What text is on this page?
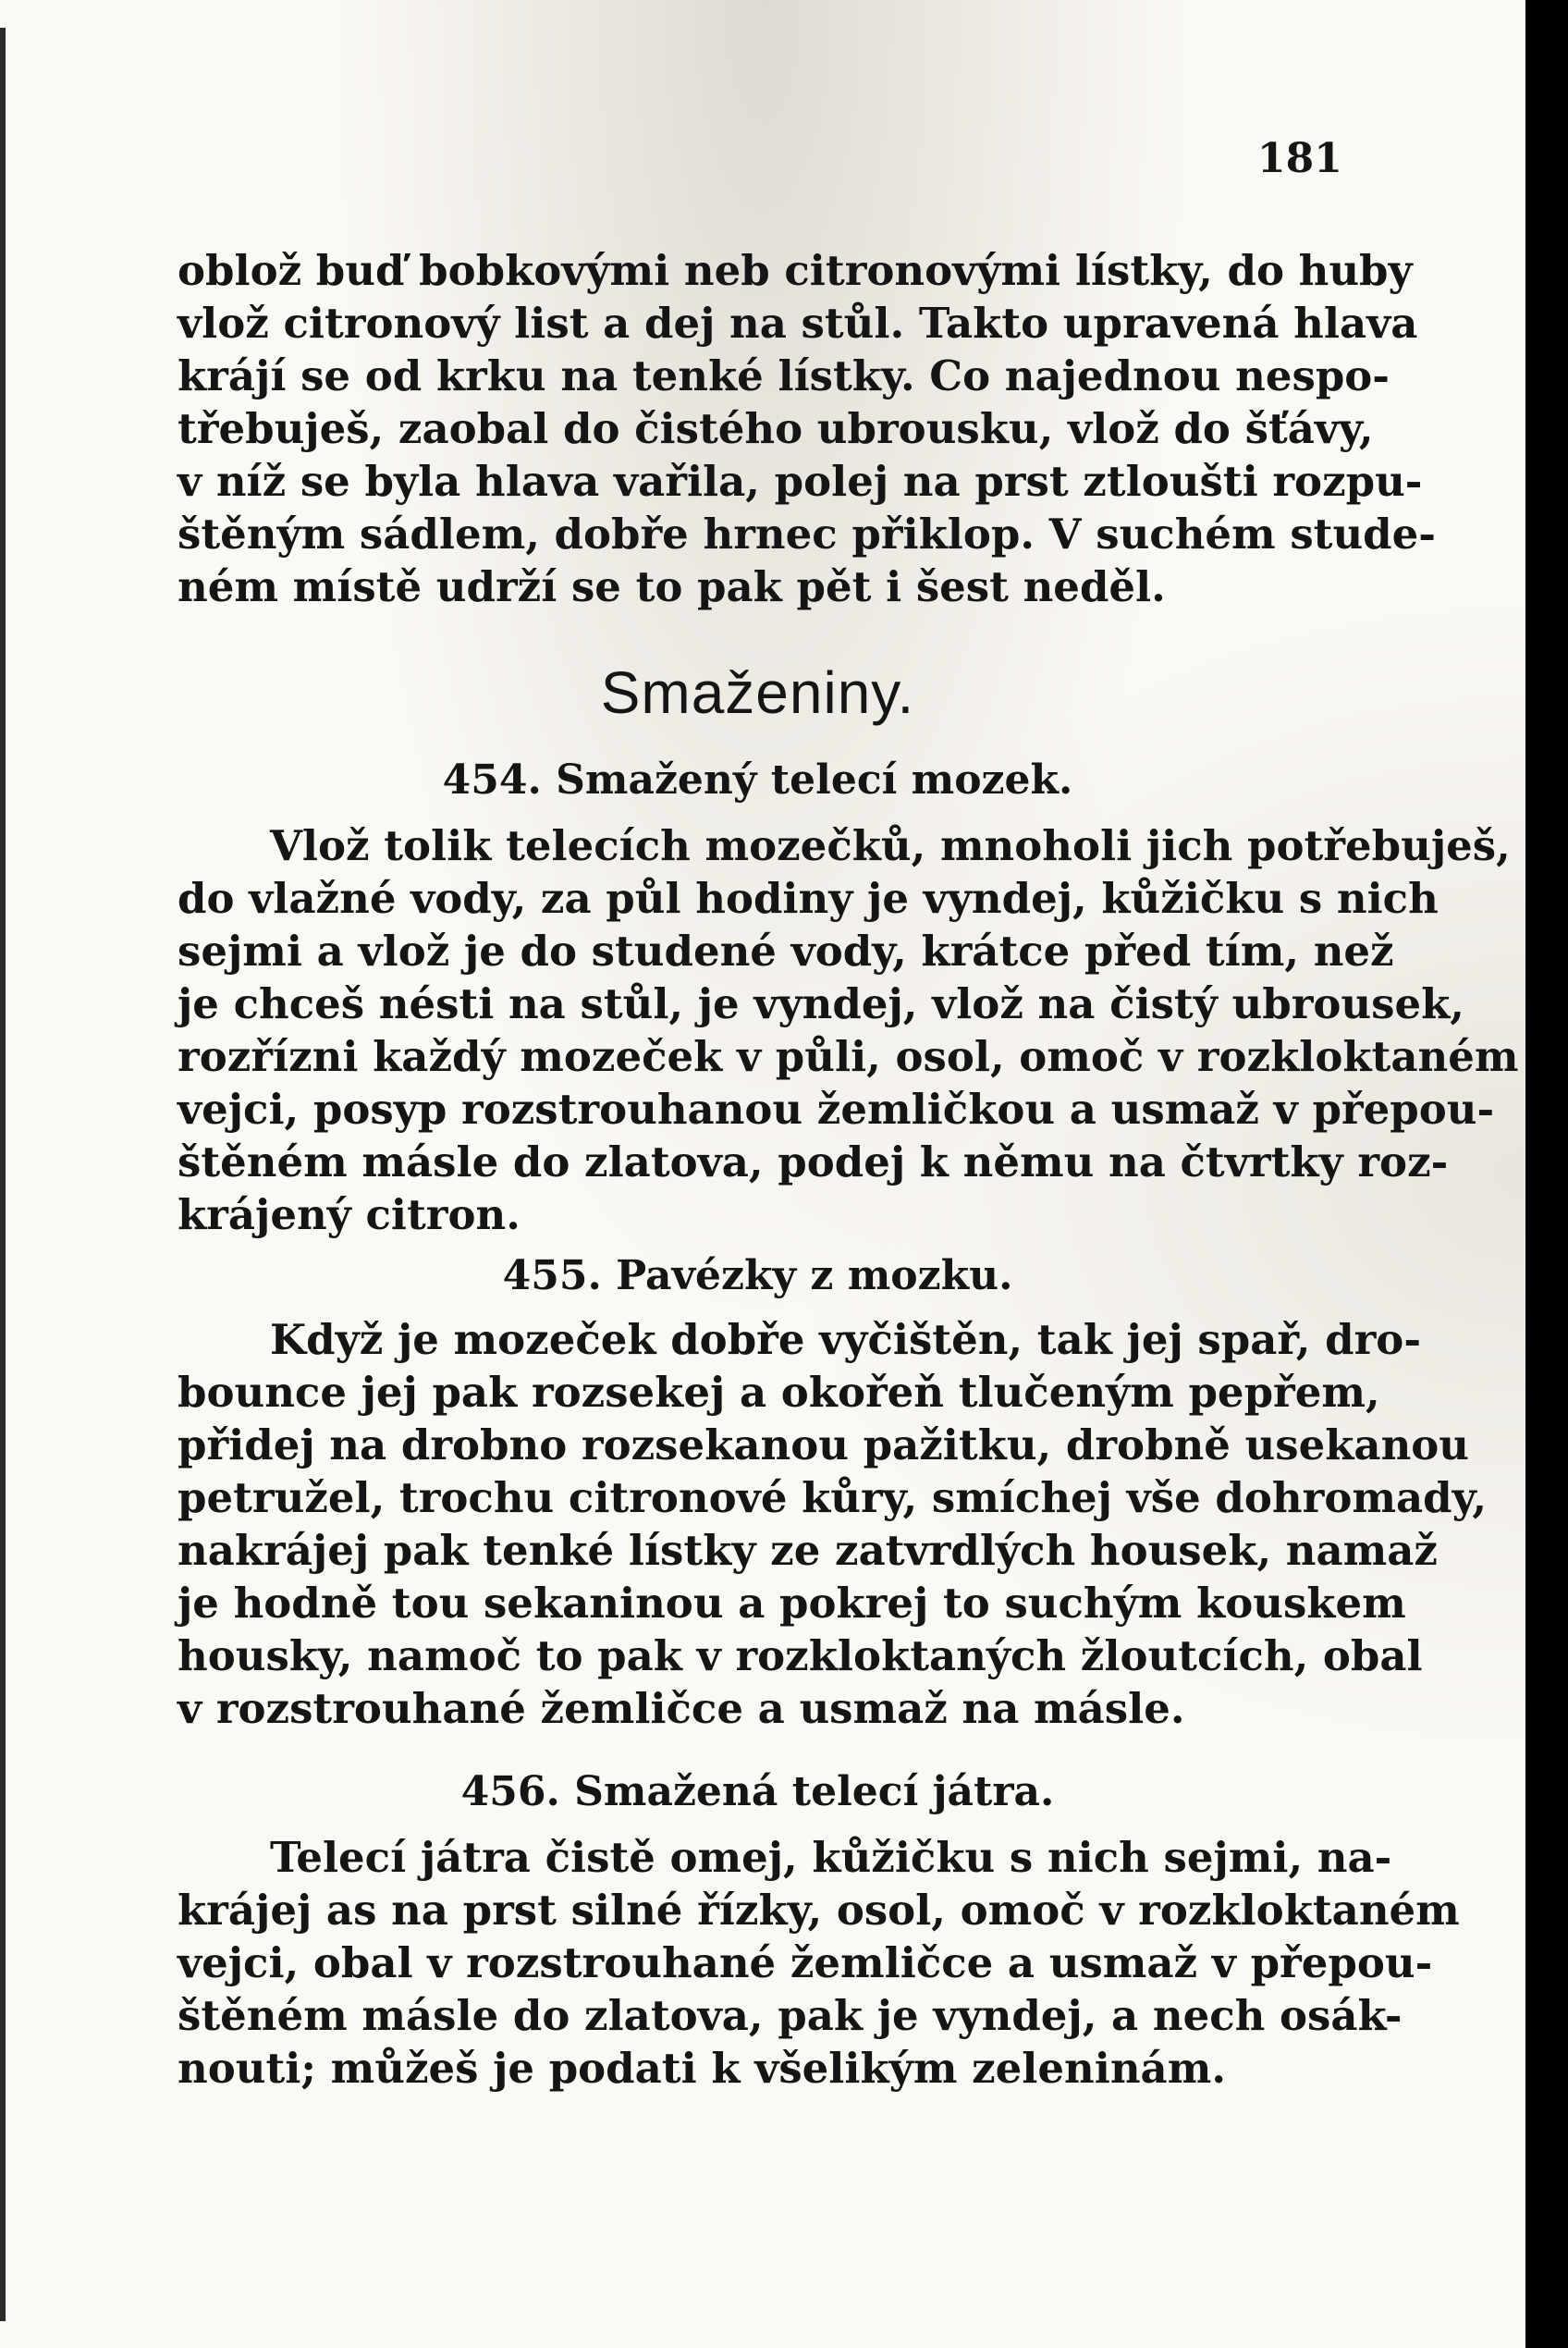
181
oblož buď bobkovými neb citronovými lístky, do huby
vlož citronový list a dej na stůl. Takto upravená hlava
krájí se od krku na tenké lístky. Co najednou nespo-
třebuješ, zaobal do čistého ubrousku, vlož do šťávy,
v níž se byla hlava vařila, polej na prst ztloušti rozpu-
štěným sádlem, dobře hrnec přiklop. V suchém stude-
ném místě udrží se to pak pět i šest neděl.
Smaženiny.
454. Smažený telecí mozek.
Vlož tolik telecích mozečků, mnoholi jich potřebuješ,
do vlažné vody, za půl hodiny je vyndej, kůžičku s nich
sejmi a vlož je do studené vody, krátce před tím, než
je chceš nésti na stůl, je vyndej, vlož na čistý ubrousek,
rozřízni každý mozeček v půli, osol, omoč v rozkloktaném
vejci, posyp rozstrouhanou žemličkou a usmaž v přepou-
štěném másle do zlatova, podej k němu na čtvrtky roz-
krájený citron.
455. Pavézky z mozku.
Když je mozeček dobře vyčištěn, tak jej spař, dro-
bounce jej pak rozsekej a okořeň tlučeným pepřem,
přidej na drobno rozsekanou pažitku, drobně usekanou
petružel, trochu citronové kůry, smíchej vše dohromady,
nakrájej pak tenké lístky ze zatvrdlých housek, namaž
je hodně tou sekaninou a pokrej to suchým kouskem
housky, namoč to pak v rozkloktaných žloutcích, obal
v rozstrouhané žemličce a usmaž na másle.
456. Smažená telecí játra.
Telecí játra čistě omej, kůžičku s nich sejmi, na-
krájej as na prst silné řízky, osol, omoč v rozkloktaném
vejci, obal v rozstrouhané žemličce a usmaž v přepou-
štěném másle do zlatova, pak je vyndej, a nech osák-
nouti; můžeš je podati k všelikým zeleninám.
